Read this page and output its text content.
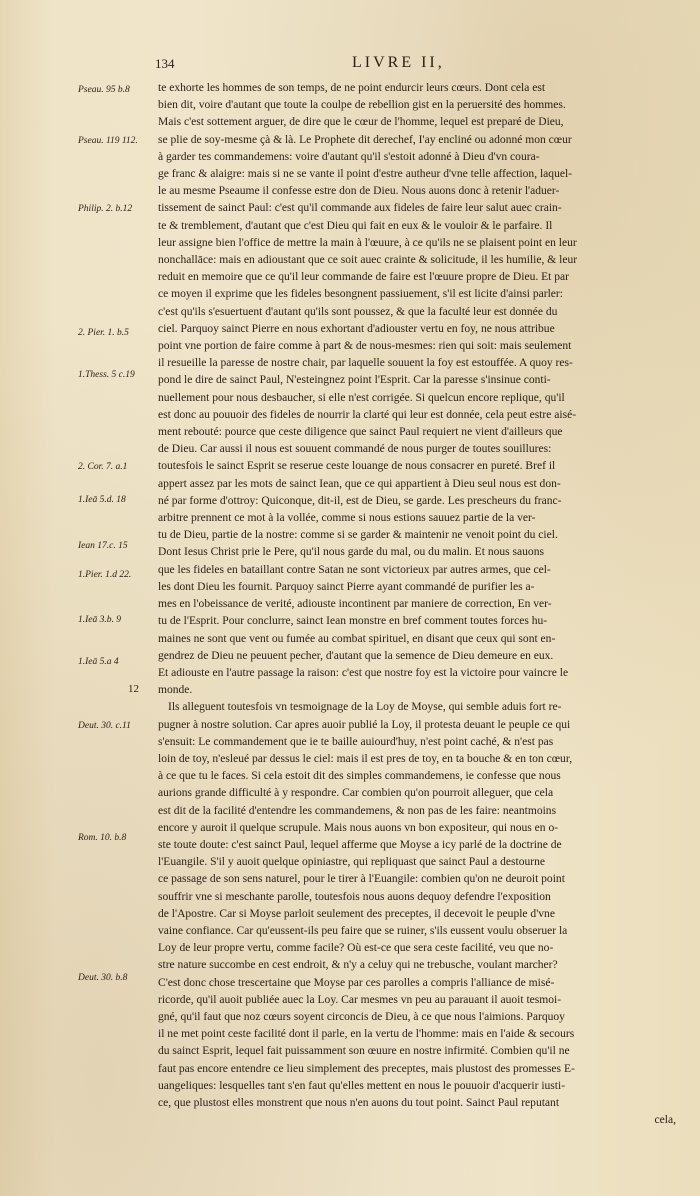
134	LIVRE II,

Pseau. 95 b.8
Pseau. 119 112.
Philip. 2. b.12
2. Pier. 1. b.5
1.Thess. 5 c.19
2. Cor. 7. a.1
1.Ieā 5.d. 18
Iean 17.c. 15
1.Pier. 1.d 22.
1.Ieā 3.b. 9
1.Ieā 5.a 4
Deut. 30. c.11
Rom. 10. b.8
Deut. 30. b.8
12
te exhorte les hommes de son temps, de ne point endurcir leurs cœurs. Dont cela est
bien dit, voire d'autant que toute la coulpe de rebellion gist en la peruersité des hommes.
Mais c'est sottement arguer, de dire que le cœur de l'homme, lequel est preparé de Dieu,
se plie de soy-mesme çà & là. Le Prophete dit derechef, I'ay encliné ou adonné mon cœur
à garder tes commandemens: voire d'autant qu'il s'estoit adonné à Dieu d'vn coura-
ge franc & alaigre: mais si ne se vante il point d'estre autheur d'vne telle affection, laquel-
le au mesme Pseaume il confesse estre don de Dieu. Nous auons donc à retenir l'aduer-
tissement de sainct Paul: c'est qu'il commande aux fideles de faire leur salut auec crain-
te & tremblement, d'autant que c'est Dieu qui fait en eux & le vouloir & le parfaire. Il
leur assigne bien l'office de mettre la main à l'œuure, à ce qu'ils ne se plaisent point en leur
nonchallāce: mais en adioustant que ce soit auec crainte & solicitude, il les humilie, & leur
reduit en memoire que ce qu'il leur commande de faire est l'œuure propre de Dieu. Et par
ce moyen il exprime que les fideles besongnent passiuement, s'il est licite d'ainsi parler:
c'est qu'ils s'esuertuent d'autant qu'ils sont poussez, & que la faculté leur est donnée du
ciel. Parquoy sainct Pierre en nous exhortant d'adiouster vertu en foy, ne nous attribue
point vne portion de faire comme à part & de nous-mesmes: rien qui soit: mais seulement
il resueille la paresse de nostre chair, par laquelle souuent la foy est estouffée. A quoy res-
pond le dire de sainct Paul, N'esteingnez point l'Esprit. Car la paresse s'insinue conti-
nuellement pour nous desbaucher, si elle n'est corrigée. Si quelcun encore replique, qu'il
est donc au pouuoir des fideles de nourrir la clarté qui leur est donnée, cela peut estre aisé-
ment rebouté: pource que ceste diligence que sainct Paul requiert ne vient d'ailleurs que
de Dieu. Car aussi il nous est souuent commandé de nous purger de toutes souillures:
toutesfois le sainct Esprit se reserue ceste louange de nous consacrer en pureté. Bref il
appert assez par les mots de sainct Iean, que ce qui appartient à Dieu seul nous est don-
né par forme d'ottroy: Quiconque, dit-il, est de Dieu, se garde. Les prescheurs du franc-
arbitre prennent ce mot à la vollée, comme si nous estions sauuez partie de la ver-
tu de Dieu, partie de la nostre: comme si se garder & maintenir ne venoit point du ciel.
Dont Iesus Christ prie le Pere, qu'il nous garde du mal, ou du malin. Et nous sauons
que les fideles en bataillant contre Satan ne sont victorieux par autres armes, que cel-
les dont Dieu les fournit. Parquoy sainct Pierre ayant commandé de purifier les a-
mes en l'obeissance de verité, adiouste incontinent par maniere de correction, En ver-
tu de l'Esprit. Pour conclurre, sainct Iean monstre en bref comment toutes forces hu-
maines ne sont que vent ou fumée au combat spirituel, en disant que ceux qui sont en-
gendrez de Dieu ne peuuent pecher, d'autant que la semence de Dieu demeure en eux.
Et adiouste en l'autre passage la raison: c'est que nostre foy est la victoire pour vaincre le
monde.
Ils alleguent toutesfois vn tesmoignage de la Loy de Moyse, qui semble aduis fort re-
pugner à nostre solution. Car apres auoir publié la Loy, il protesta deuant le peuple ce qui
s'ensuit: Le commandement que ie te baille auiourd'huy, n'est point caché, & n'est pas
loin de toy, n'esleué par dessus le ciel: mais il est pres de toy, en ta bouche & en ton cœur,
à ce que tu le faces. Si cela estoit dit des simples commandemens, ie confesse que nous
aurions grande difficulté à y respondre. Car combien qu'on pourroit alleguer, que cela
est dit de la facilité d'entendre les commandemens, & non pas de les faire: neantmoins
encore y auroit il quelque scrupule. Mais nous auons vn bon expositeur, qui nous en o-
ste toute doute: c'est sainct Paul, lequel afferme que Moyse a icy parlé de la doctrine de
l'Euangile. S'il y auoit quelque opiniastre, qui repliquast que sainct Paul a destourne
ce passage de son sens naturel, pour le tirer à l'Euangile: combien qu'on ne deuroit point
souffrir vne si meschante parolle, toutesfois nous auons dequoy defendre l'exposition
de l'Apostre. Car si Moyse parloit seulement des preceptes, il decevoit le peuple d'vne
vaine confiance. Car qu'eussent-ils peu faire que se ruiner, s'ils eussent voulu obseruer la
Loy de leur propre vertu, comme facile? Où est-ce que sera ceste facilité, veu que no-
stre nature succombe en cest endroit, & n'y a celuy qui ne trebusche, voulant marcher?
C'est donc chose trescertaine que Moyse par ces parolles a compris l'alliance de misé-
ricorde, qu'il auoit publiée auec la Loy. Car mesmes vn peu au parauant il auoit tesmoi-
gné, qu'il faut que noz cœurs soyent circoncis de Dieu, à ce que nous l'aimions. Parquoy
il ne met point ceste facilité dont il parle, en la vertu de l'homme: mais en l'aide & secours
du sainct Esprit, lequel fait puissamment son œuure en nostre infirmité. Combien qu'il ne
faut pas encore entendre ce lieu simplement des preceptes, mais plustost des promesses E-
uangeliques: lesquelles tant s'en faut qu'elles mettent en nous le pouuoir d'acquerir iusti-
ce, que plustost elles monstrent que nous n'en auons du tout point. Sainct Paul reputant
cela,
